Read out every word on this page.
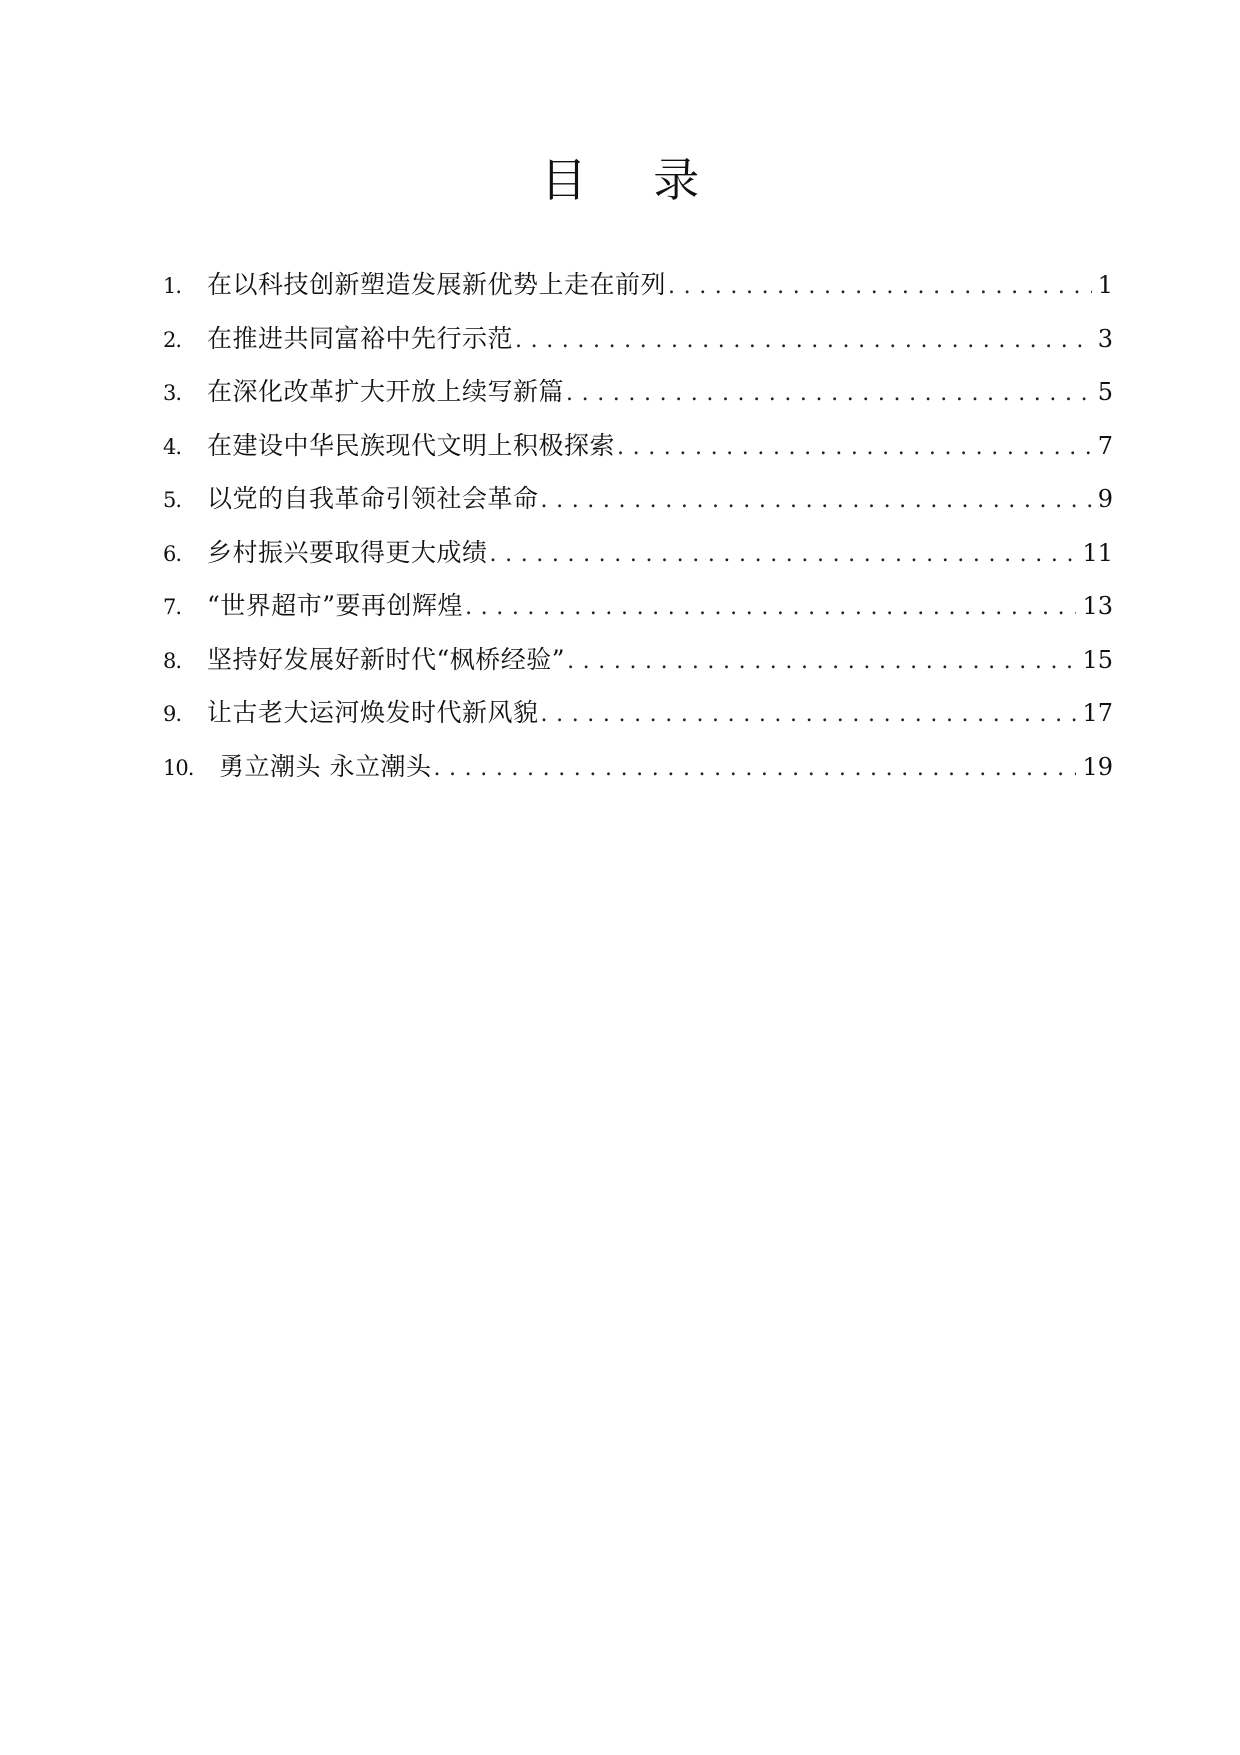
目 录
1.	在以科技创新塑造发展新优势上走在前列 .....	1
2.	在推进共同富裕中先行示范 .....	3
3.	在深化改革扩大开放上续写新篇 .....	5
4.	在建设中华民族现代文明上积极探索 .....	7
5.	以党的自我革命引领社会革命 .....	9
6.	乡村振兴要取得更大成绩 .....	11
7.	“世界超市”要再创辉煌 .....	13
8.	坚持好发展好新时代“枫桥经验” .....	15
9.	让古老大运河焕发时代新风貌 .....	17
10.	勇立潮头 永立潮头 .....	19
